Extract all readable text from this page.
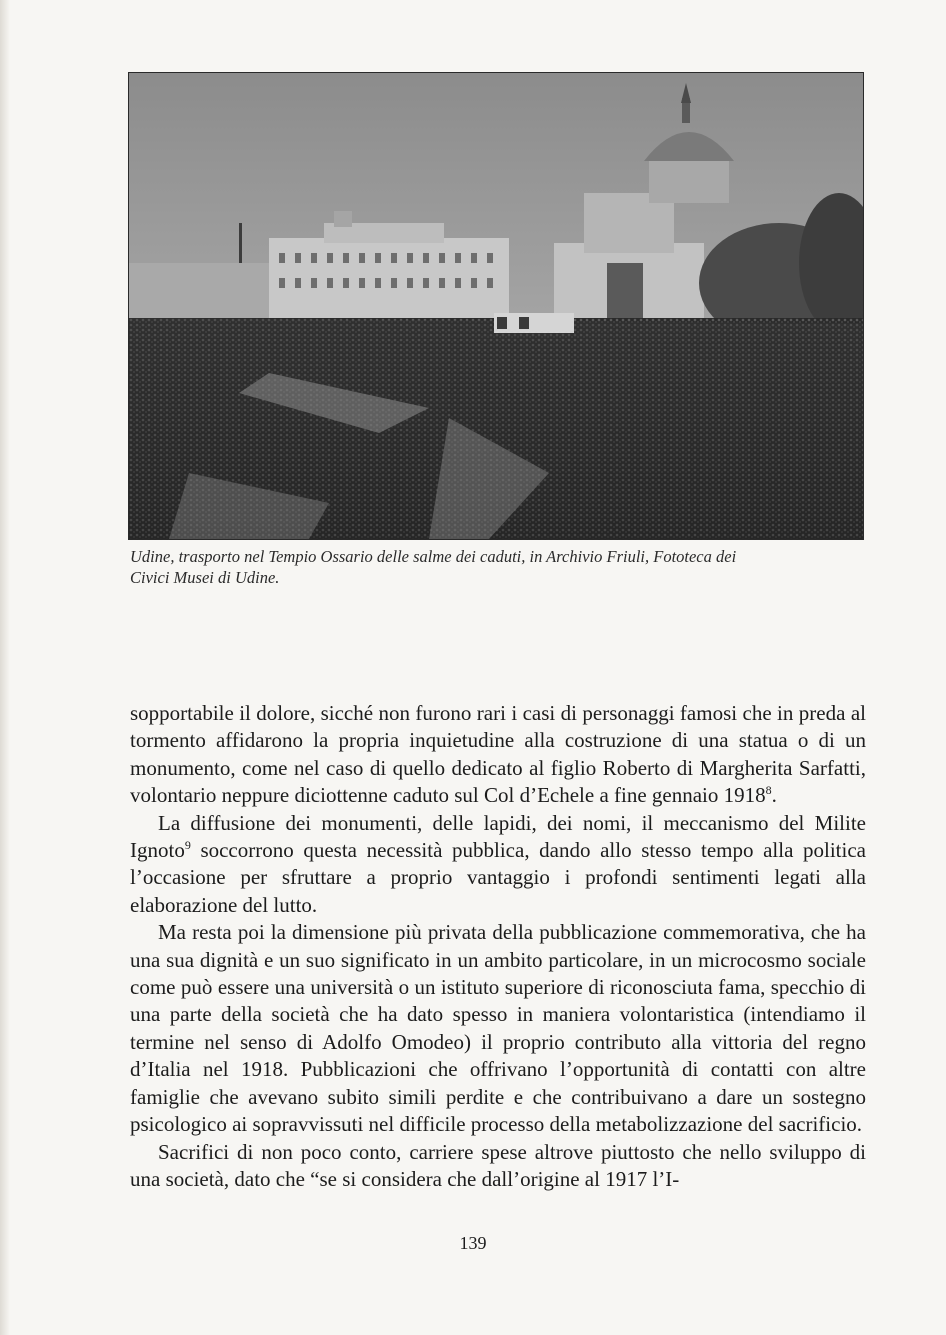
Udine, trasporto nel Tempio Ossario delle salme dei caduti, in Archivio Friuli, Fototeca dei

Civici Musei di Udine.

sopportabile il dolore, sicché non furono rari i casi di personaggi famosi che in preda al tormento affidarono la propria inquietudine alla costruzione di una statua o di un monumento, come nel caso di quello dedicato al figlio Roberto di Margherita Sarfatti, volontario neppure diciottenne caduto sul Col d’Echele a fine gennaio 1918$^8$.

La diffusione dei monumenti, delle lapidi, dei nomi, il meccanismo del Milite Ignoto$^9$ soccorrono questa necessità pubblica, dando allo stesso tempo alla politica l’occasione per sfruttare a proprio vantaggio i profondi sentimenti legati alla elaborazione del lutto.

Ma resta poi la dimensione più privata della pubblicazione commemorativa, che ha una sua dignità e un suo significato in un ambito particolare, in un microcosmo sociale come può essere una università o un istituto superiore di riconosciuta fama, specchio di una parte della società che ha dato spesso in maniera volontaristica (intendiamo il termine nel senso di Adolfo Omodeo) il proprio contributo alla vittoria del regno d’Italia nel 1918. Pubblicazioni che offrivano l’opportunità di contatti con altre famiglie che avevano subito simili perdite e che contribuivano a dare un sostegno psicologico ai sopravvissuti nel difficile processo della metabolizzazione del sacrificio.

Sacrifici di non poco conto, carriere spese altrove piuttosto che nello sviluppo di una società, dato che “se si considera che dall’origine al 1917 l’I-

139
